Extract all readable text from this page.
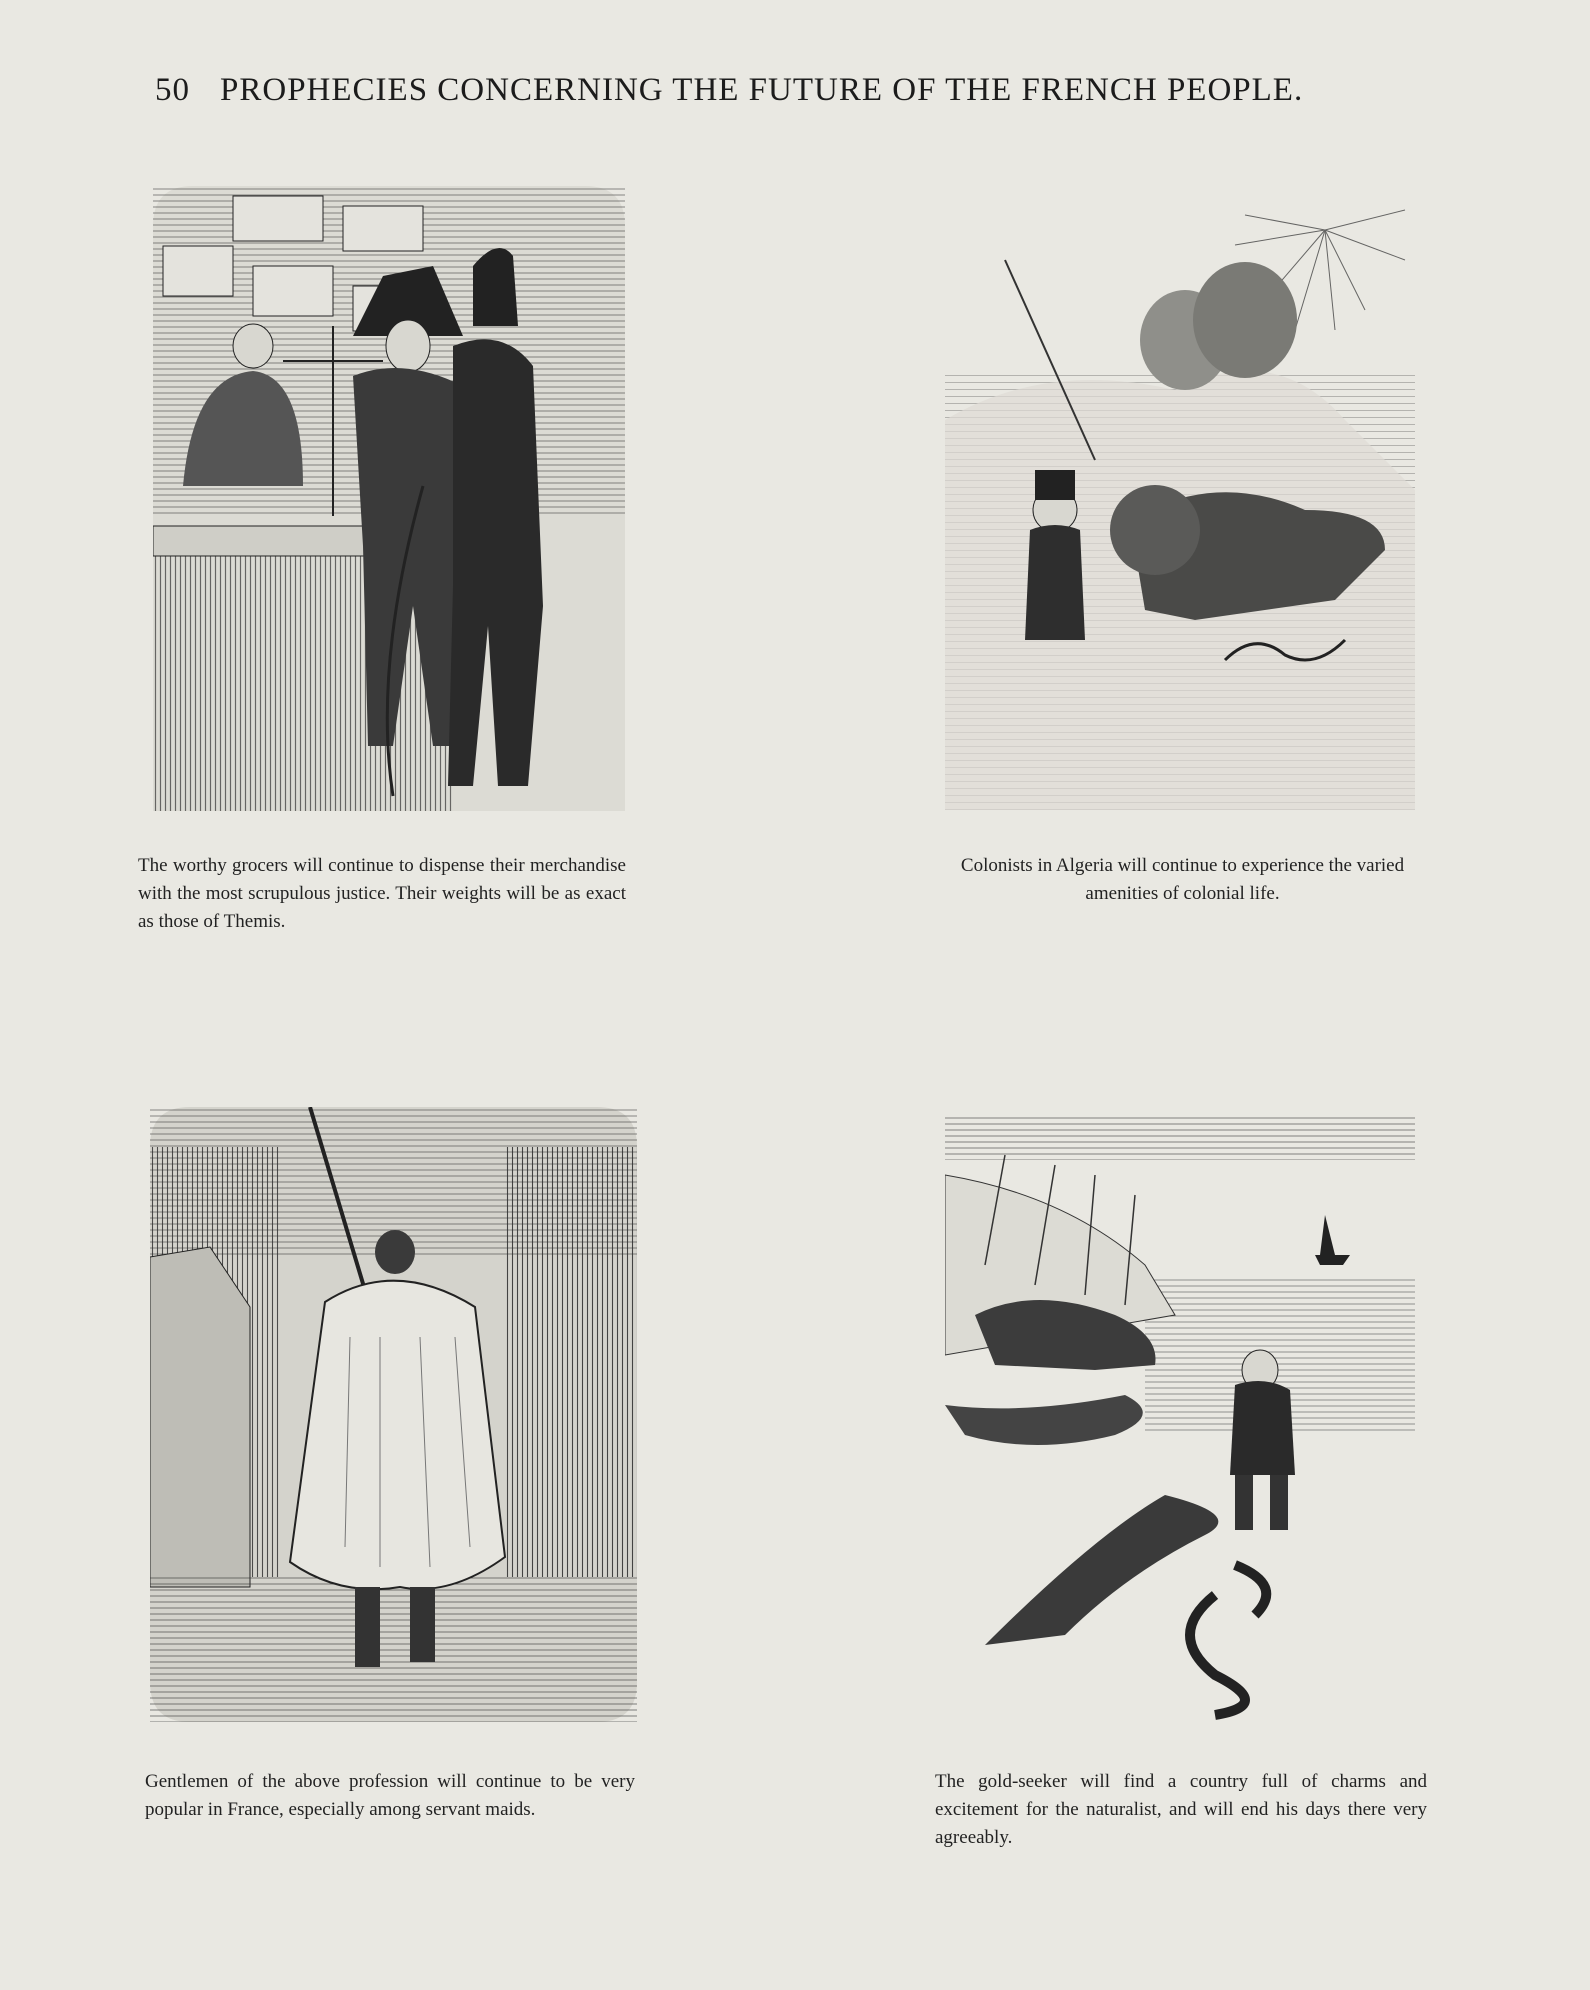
50 PROPHECIES CONCERNING THE FUTURE OF THE FRENCH PEOPLE.
The worthy grocers will continue to dispense their merchandise with the most scrupulous justice. Their weights will be as exact as those of Themis.
Colonists in Algeria will continue to experience the varied amenities of colonial life.
Gentlemen of the above profession will continue to be very popular in France, especially among servant maids.
The gold-seeker will find a country full of charms and excitement for the naturalist, and will end his days there very agreeably.
